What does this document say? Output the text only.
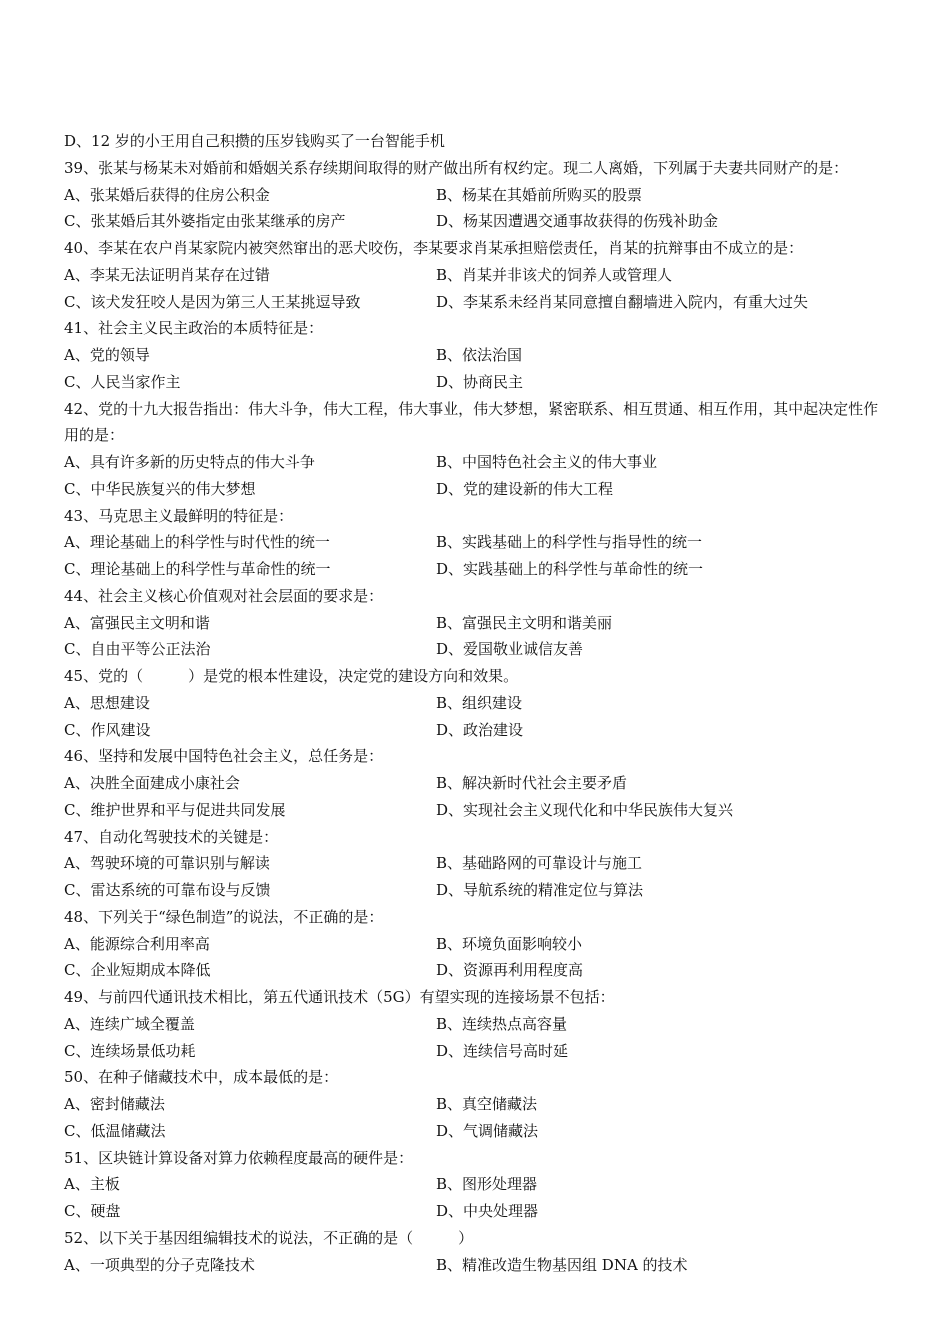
D、12 岁的小王用自己积攒的压岁钱购买了一台智能手机
39、张某与杨某未对婚前和婚姻关系存续期间取得的财产做出所有权约定。现二人离婚，下列属于夫妻共同财产的是：
A、张某婚后获得的住房公积金	B、杨某在其婚前所购买的股票
C、张某婚后其外婆指定由张某继承的房产	D、杨某因遭遇交通事故获得的伤残补助金
40、李某在农户肖某家院内被突然窜出的恶犬咬伤，李某要求肖某承担赔偿责任，肖某的抗辩事由不成立的是：
A、李某无法证明肖某存在过错	B、肖某并非该犬的饲养人或管理人
C、该犬发狂咬人是因为第三人王某挑逗导致	D、李某系未经肖某同意擅自翻墙进入院内，有重大过失
41、社会主义民主政治的本质特征是：
A、党的领导	B、依法治国
C、人民当家作主	D、协商民主
42、党的十九大报告指出：伟大斗争，伟大工程，伟大事业，伟大梦想，紧密联系、相互贯通、相互作用，其中起决定性作用的是：
A、具有许多新的历史特点的伟大斗争	B、中国特色社会主义的伟大事业
C、中华民族复兴的伟大梦想	D、党的建设新的伟大工程
43、马克思主义最鲜明的特征是：
A、理论基础上的科学性与时代性的统一	B、实践基础上的科学性与指导性的统一
C、理论基础上的科学性与革命性的统一	D、实践基础上的科学性与革命性的统一
44、社会主义核心价值观对社会层面的要求是：
A、富强民主文明和谐	B、富强民主文明和谐美丽
C、自由平等公正法治	D、爱国敬业诚信友善
45、党的（　　　）是党的根本性建设，决定党的建设方向和效果。
A、思想建设	B、组织建设
C、作风建设	D、政治建设
46、坚持和发展中国特色社会主义，总任务是：
A、决胜全面建成小康社会	B、解决新时代社会主要矛盾
C、维护世界和平与促进共同发展	D、实现社会主义现代化和中华民族伟大复兴
47、自动化驾驶技术的关键是：
A、驾驶环境的可靠识别与解读	B、基础路网的可靠设计与施工
C、雷达系统的可靠布设与反馈	D、导航系统的精准定位与算法
48、下列关于“绿色制造”的说法，不正确的是：
A、能源综合利用率高	B、环境负面影响较小
C、企业短期成本降低	D、资源再利用程度高
49、与前四代通讯技术相比，第五代通讯技术（5G）有望实现的连接场景不包括：
A、连续广域全覆盖	B、连续热点高容量
C、连续场景低功耗	D、连续信号高时延
50、在种子储藏技术中，成本最低的是：
A、密封储藏法	B、真空储藏法
C、低温储藏法	D、气调储藏法
51、区块链计算设备对算力依赖程度最高的硬件是：
A、主板	B、图形处理器
C、硬盘	D、中央处理器
52、以下关于基因组编辑技术的说法，不正确的是（　　　）
A、一项典型的分子克隆技术	B、精准改造生物基因组 DNA 的技术
